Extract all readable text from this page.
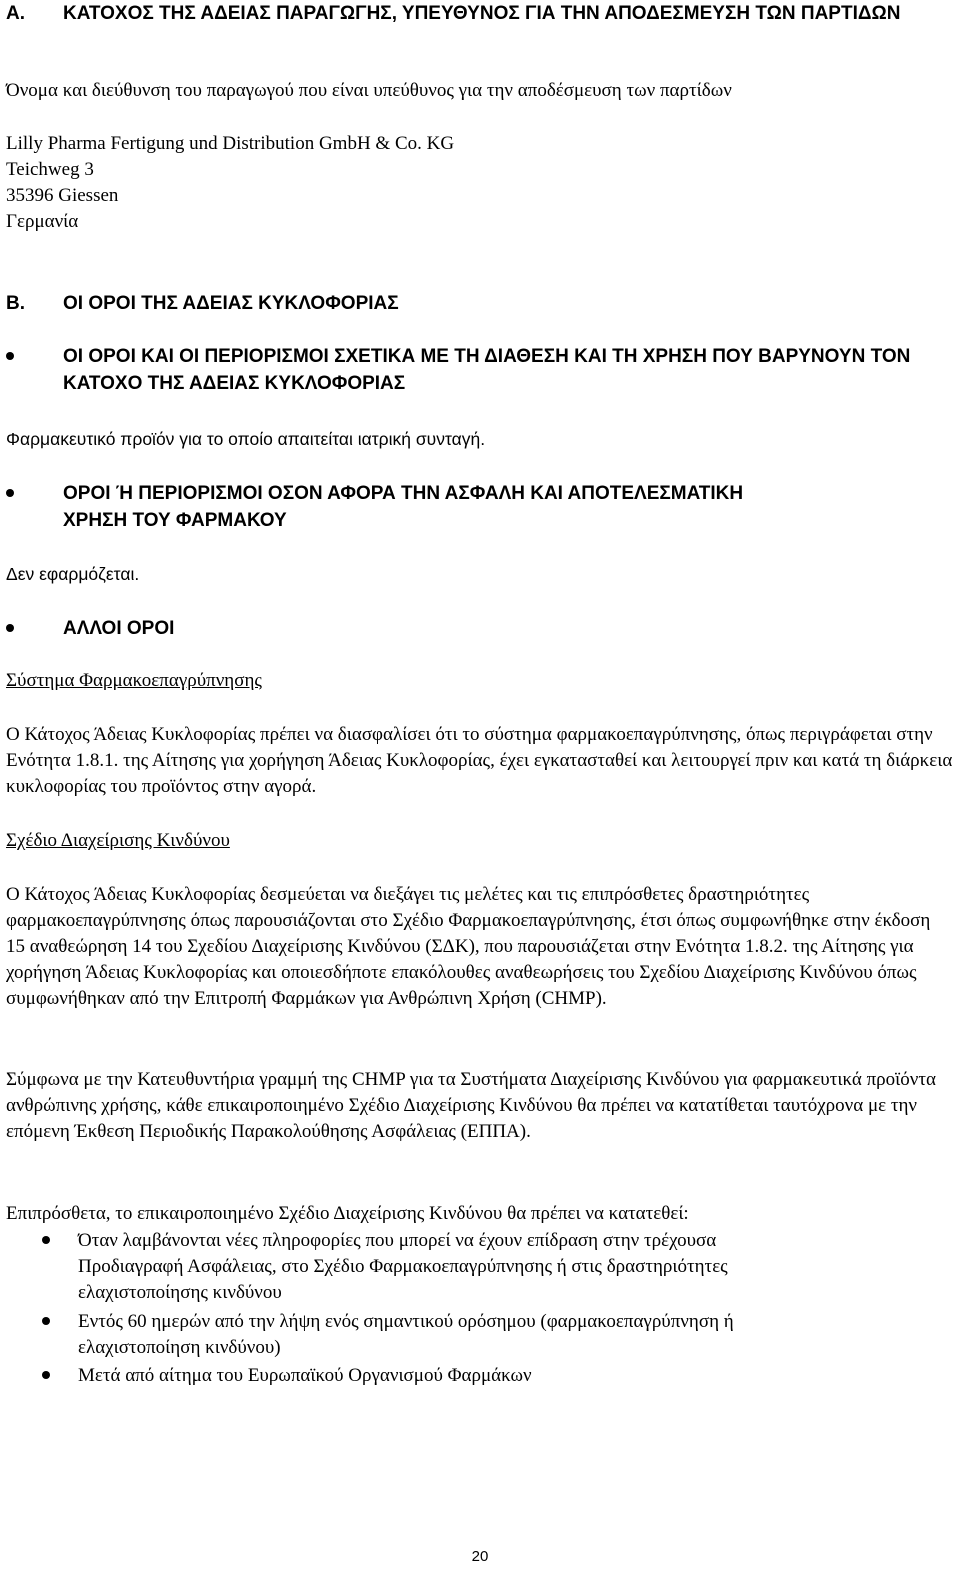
A. ΚΑΤΟΧΟΣ ΤΗΣ ΑΔΕΙΑΣ ΠΑΡΑΓΩΓΗΣ, ΥΠΕΥΘΥΝΟΣ ΓΙΑ ΤΗΝ ΑΠΟΔΕΣΜΕΥΣΗ ΤΩΝ ΠΑΡΤΙΔΩΝ

Όνομα και διεύθυνση του παραγωγού που είναι υπεύθυνος για την αποδέσμευση των παρτίδων

Lilly Pharma Fertigung und Distribution GmbH & Co. KG
Teichweg 3
35396 Giessen
Γερμανία
B. ΟΙ ΟΡΟΙ ΤΗΣ ΑΔΕΙΑΣ ΚΥΚΛΟΦΟΡΙΑΣ
ΟΙ ΟΡΟΙ ΚΑΙ ΟΙ ΠΕΡΙΟΡΙΣΜΟΙ ΣΧΕΤΙΚΑ ΜΕ ΤΗ ΔΙΑΘΕΣΗ ΚΑΙ ΤΗ ΧΡΗΣΗ ΠΟΥ ΒΑΡΥΝΟΥΝ ΤΟΝ ΚΑΤΟΧΟ ΤΗΣ ΑΔΕΙΑΣ ΚΥΚΛΟΦΟΡΙΑΣ

Φαρμακευτικό προϊόν για το οποίο απαιτείται ιατρική συνταγή.

ΟΡΟΙ Ή ΠΕΡΙΟΡΙΣΜΟΙ ΟΣΟΝ ΑΦΟΡΑ ΤΗΝ ΑΣΦΑΛΗ ΚΑΙ ΑΠΟΤΕΛΕΣΜΑΤΙΚΗ ΧΡΗΣΗ ΤΟΥ ΦΑΡΜΑΚΟΥ

Δεν εφαρμόζεται.

ΑΛΛΟΙ ΟΡΟΙ

Σύστημα Φαρμακοεπαγρύπνησης

Ο Κάτοχος Άδειας Κυκλοφορίας πρέπει να διασφαλίσει ότι το σύστημα φαρμακοεπαγρύπνησης, όπως περιγράφεται στην Ενότητα 1.8.1. της Αίτησης για χορήγηση Άδειας Κυκλοφορίας, έχει εγκατασταθεί και λειτουργεί πριν και κατά τη διάρκεια κυκλοφορίας του προϊόντος στην αγορά.

Σχέδιο Διαχείρισης Κινδύνου

Ο Κάτοχος Άδειας Κυκλοφορίας δεσμεύεται να διεξάγει τις μελέτες και τις επιπρόσθετες δραστηριότητες φαρμακοεπαγρύπνησης όπως παρουσιάζονται στο Σχέδιο Φαρμακοεπαγρύπνησης, έτσι όπως συμφωνήθηκε στην έκδοση 15 αναθεώρηση 14 του Σχεδίου Διαχείρισης Κινδύνου (ΣΔΚ), που παρουσιάζεται στην Ενότητα 1.8.2. της Αίτησης για χορήγηση Άδειας Κυκλοφορίας και οποιεσδήποτε επακόλουθες αναθεωρήσεις του Σχεδίου Διαχείρισης Κινδύνου όπως συμφωνήθηκαν από την Επιτροπή Φαρμάκων για Ανθρώπινη Χρήση (CHMP).

Σύμφωνα με την Κατευθυντήρια γραμμή της CHMP για τα Συστήματα Διαχείρισης Κινδύνου για φαρμακευτικά προϊόντα ανθρώπινης χρήσης, κάθε επικαιροποιημένο Σχέδιο Διαχείρισης Κινδύνου θα πρέπει να κατατίθεται ταυτόχρονα με την επόμενη Έκθεση Περιοδικής Παρακολούθησης Ασφάλειας (ΕΠΠΑ).

Επιπρόσθετα, το επικαιροποιημένο Σχέδιο Διαχείρισης Κινδύνου θα πρέπει να κατατεθεί:

Όταν λαμβάνονται νέες πληροφορίες που μπορεί να έχουν επίδραση στην τρέχουσα
Προδιαγραφή Ασφάλειας, στο Σχέδιο Φαρμακοεπαγρύπνησης ή στις δραστηριότητες
ελαχιστοποίησης κινδύνου
Εντός 60 ημερών από την λήψη ενός σημαντικού ορόσημου (φαρμακοεπαγρύπνηση ή
ελαχιστοποίηση κινδύνου)
Μετά από αίτημα του Ευρωπαϊκού Οργανισμού Φαρμάκων
20
